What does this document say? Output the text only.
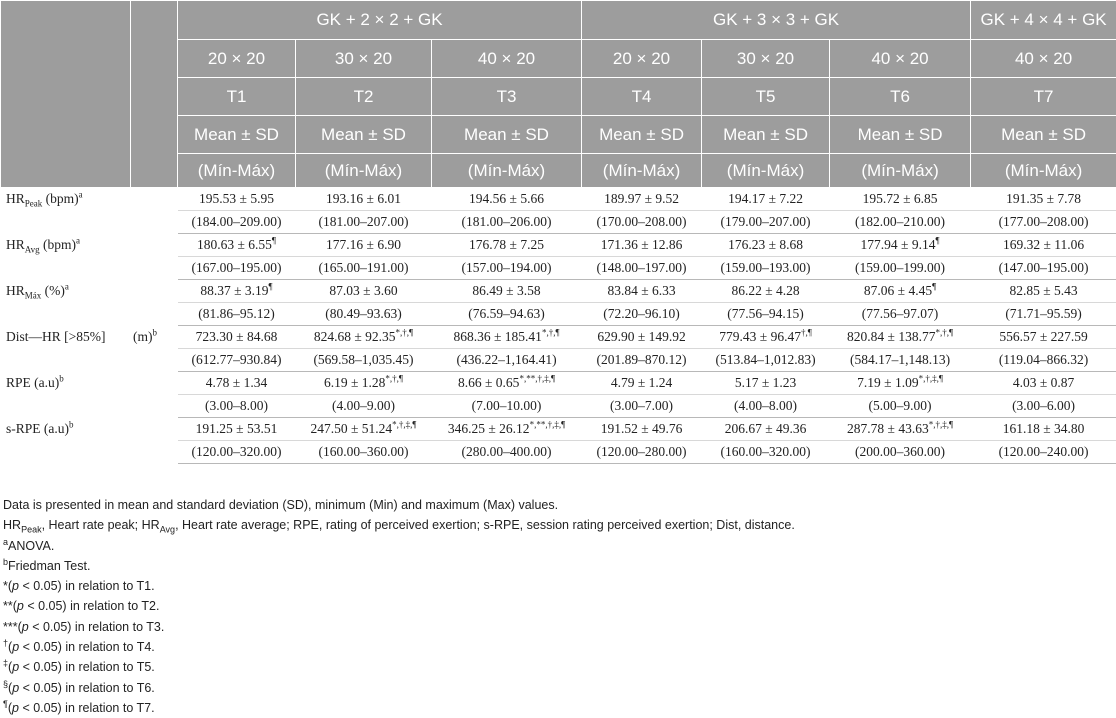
		GK + 2 × 2 + GK			GK + 3 × 3 + GK			GK + 4 × 4 + GK
		20 × 20	30 × 20	40 × 20	20 × 20	30 × 20	40 × 20	40 × 20
		T1	T2	T3	T4	T5	T6	T7
		Mean ± SD	Mean ± SD	Mean ± SD	Mean ± SD	Mean ± SD	Mean ± SD	Mean ± SD
		(Mín-Máx)	(Mín-Máx)	(Mín-Máx)	(Mín-Máx)	(Mín-Máx)	(Mín-Máx)	(Mín-Máx)
$HR_{Peak}$ (bpm)$^a$		195.53 ± 5.95	193.16 ± 6.01	194.56 ± 5.66	189.97 ± 9.52	194.17 ± 7.22	195.72 ± 6.85	191.35 ± 7.78
		(184.00–209.00)	(181.00–207.00)	(181.00–206.00)	(170.00–208.00)	(179.00–207.00)	(182.00–210.00)	(177.00–208.00)
$HR_{Avg}$ (bpm)$^a$		180.63 ± 6.55¶	177.16 ± 6.90	176.78 ± 7.25	171.36 ± 12.86	176.23 ± 8.68	177.94 ± 9.14¶	169.32 ± 11.06
		(167.00–195.00)	(165.00–191.00)	(157.00–194.00)	(148.00–197.00)	(159.00–193.00)	(159.00–199.00)	(147.00–195.00)
$HR_{Máx}$ (%)$^a$		88.37 ± 3.19¶	87.03 ± 3.60	86.49 ± 3.58	83.84 ± 6.33	86.22 ± 4.28	87.06 ± 4.45¶	82.85 ± 5.43
		(81.86–95.12)	(80.49–93.63)	(76.59–94.63)	(72.20–96.10)	(77.56–94.15)	(77.56–97.07)	(71.71–95.59)
Dist—HR [>85%]	$(m)^b$	723.30 ± 84.68	824.68 ± 92.35*,†,¶	868.36 ± 185.41*,†,¶	629.90 ± 149.92	779.43 ± 96.47†,¶	820.84 ± 138.77*,†,¶	556.57 ± 227.59
		(612.77–930.84)	(569.58–1,035.45)	(436.22–1,164.41)	(201.89–870.12)	(513.84–1,012.83)	(584.17–1,148.13)	(119.04–866.32)
RPE $(a.u)^b$		4.78 ± 1.34	6.19 ± 1.28*,†,¶	8.66 ± 0.65*,**,†,‡,¶	4.79 ± 1.24	5.17 ± 1.23	7.19 ± 1.09*,†,‡,¶	4.03 ± 0.87
		(3.00–8.00)	(4.00–9.00)	(7.00–10.00)	(3.00–7.00)	(4.00–8.00)	(5.00–9.00)	(3.00–6.00)
s-RPE $(a.u)^b$		191.25 ± 53.51	247.50 ± 51.24*,†,‡,¶	346.25 ± 26.12*,**,†,‡,¶	191.52 ± 49.76	206.67 ± 49.36	287.78 ± 43.63*,†,‡,¶	161.18 ± 34.80
		(120.00–320.00)	(160.00–360.00)	(280.00–400.00)	(120.00–280.00)	(160.00–320.00)	(200.00–360.00)	(120.00–240.00)
Data is presented in mean and standard deviation (SD), minimum (Min) and maximum (Max) values.
$HR_{Peak}$, Heart rate peak; $HR_{Avg}$, Heart rate average; RPE, rating of perceived exertion; s-RPE, session rating perceived exertion; Dist, distance.
$^a$ANOVA.
$^b$Friedman Test.
*(p < 0.05) in relation to T1.
**(p < 0.05) in relation to T2.
***(p < 0.05) in relation to T3.
†(p < 0.05) in relation to T4.
‡(p < 0.05) in relation to T5.
§(p < 0.05) in relation to T6.
¶(p < 0.05) in relation to T7.
